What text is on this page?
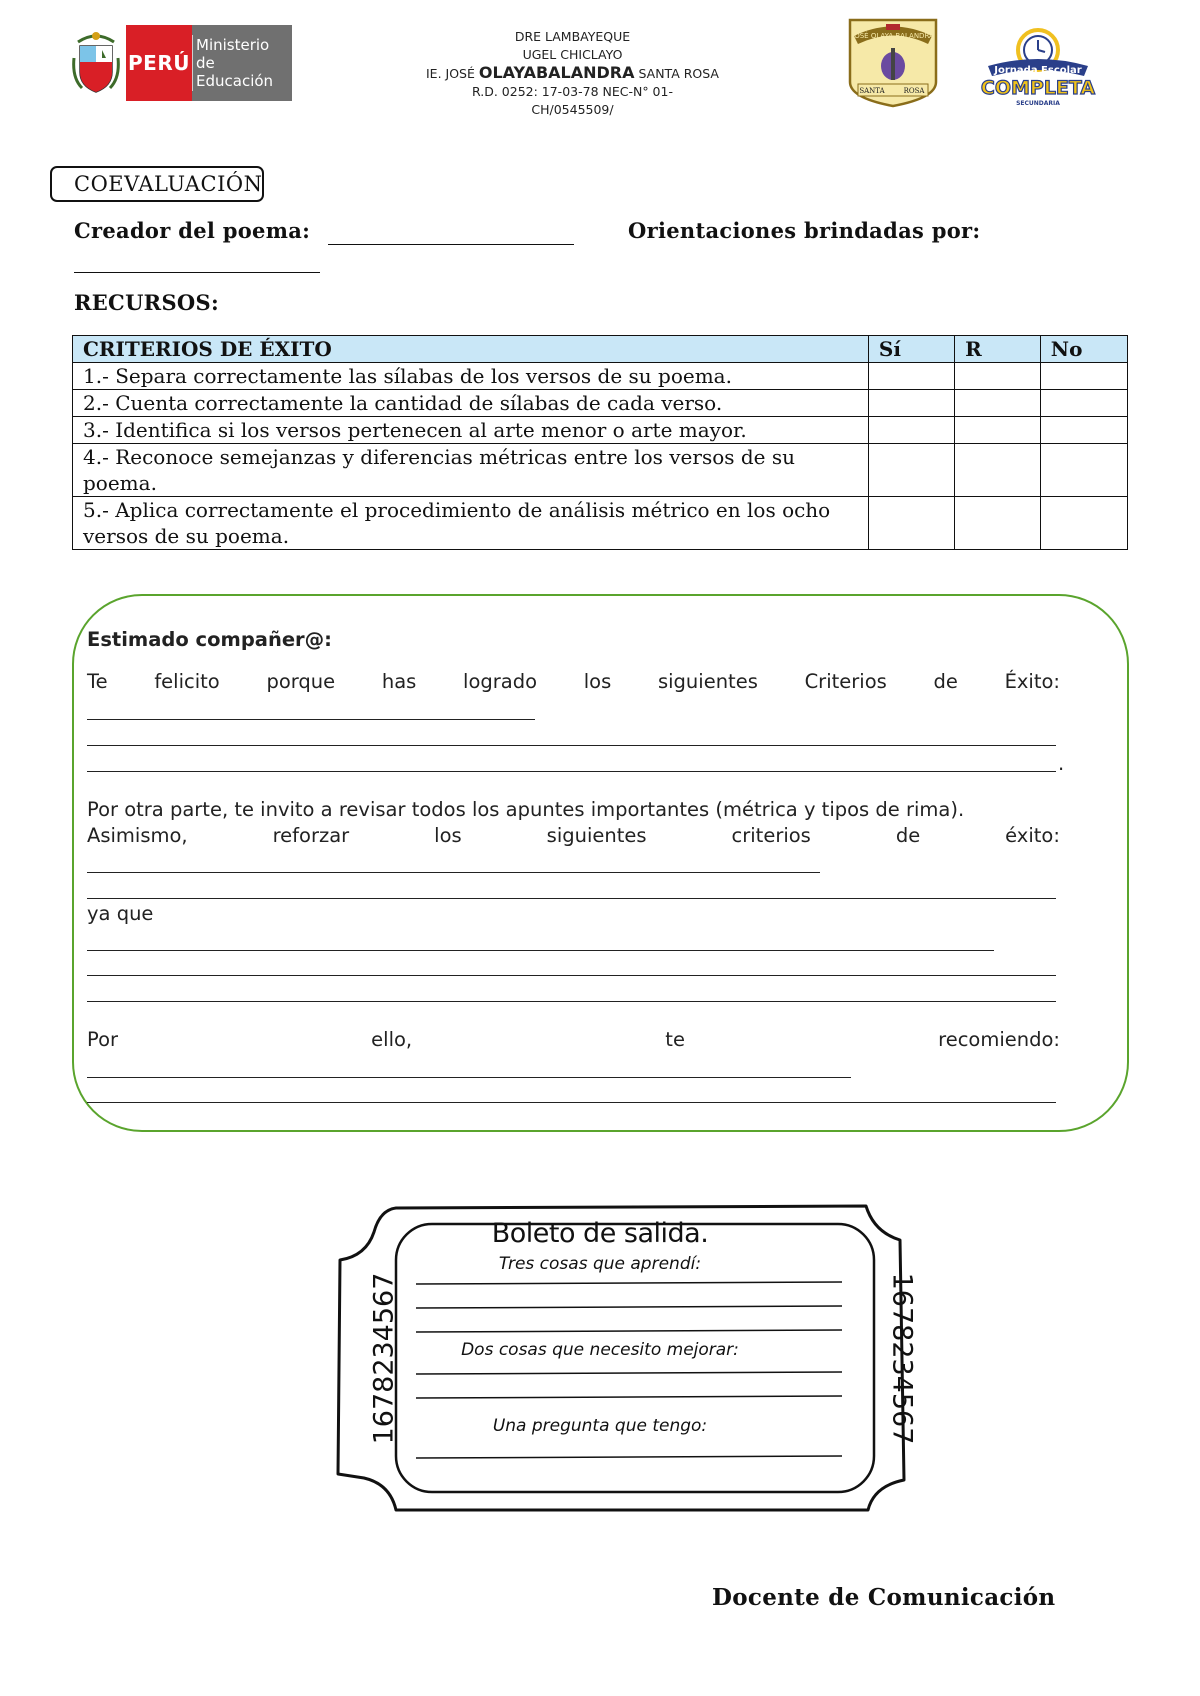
PERÚ
Ministerio
de Educación
DRE LAMBAYEQUE
UGEL CHICLAYO
IE. JOSÉ OLAYABALANDRA SANTA ROSA
R.D. 0252: 17-03-78 NEC-N° 01-
CH/0545509/
JOSÉ OLAYA BALANDRA
SANTA	ROSA
Jornada Escolar
COMPLETA
SECUNDARIA
COEVALUACIÓN
Creador del poema:	Orientaciones brindadas por:
RECURSOS:
CRITERIOS DE ÉXITO	Sí	R	No
1.- Separa correctamente las sílabas de los versos de su poema.			
2.- Cuenta correctamente la cantidad de sílabas de cada verso.			
3.- Identifica si los versos pertenecen al arte menor o arte mayor.			
4.- Reconoce semejanzas y diferencias métricas entre los versos de su poema.			
5.- Aplica correctamente el procedimiento de análisis métrico en los ocho versos de su poema.			
Estimado compañer@:
Te felicito porque has logrado los siguientes Criterios de Éxito:
.
Por otra parte, te invito a revisar todos los apuntes importantes (métrica y tipos de rima).
Asimismo,	reforzar	los	siguientes	criterios	de	éxito:
ya que
Por	ello,	te	recomiendo:
Boleto de salida.
Tres cosas que aprendí:
Dos cosas que necesito mejorar:
Una pregunta que tengo:
1678234567	1678234567
Docente de Comunicación
